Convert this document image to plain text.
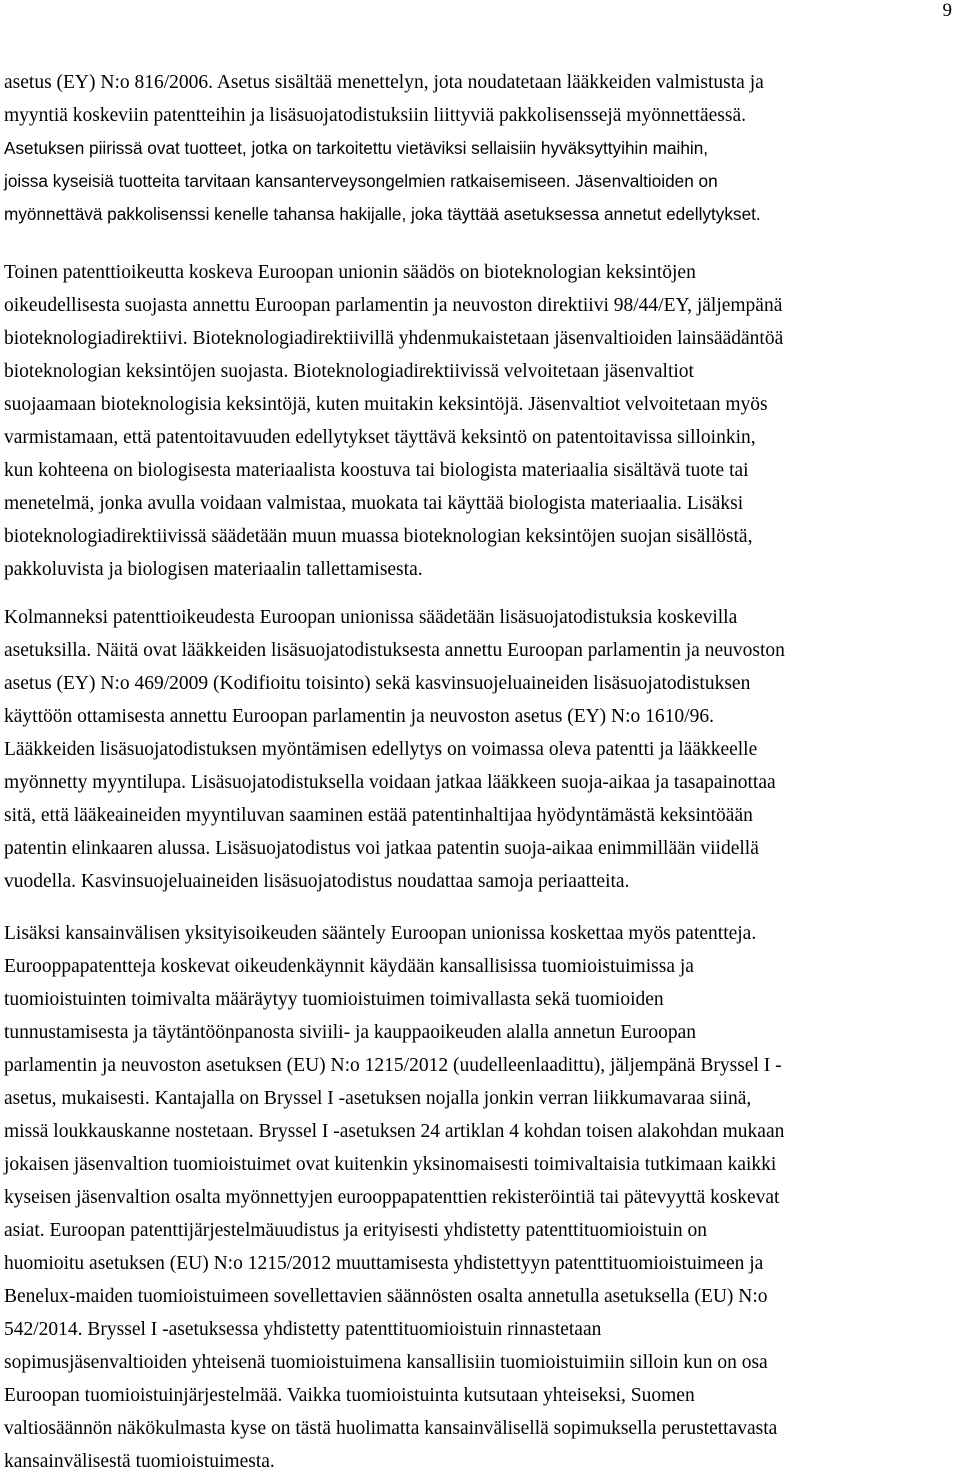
9
asetus (EY) N:o 816/2006. Asetus sisältää menettelyn, jota noudatetaan lääkkeiden valmistusta ja
myyntiä koskeviin patentteihin ja lisäsuojatodistuksiin liittyviä pakkolisenssejä myönnettäessä.
Asetuksen piirissä ovat tuotteet, jotka on tarkoitettu vietäviksi sellaisiin hyväksyttyihin maihin,
joissa kyseisiä tuotteita tarvitaan kansanterveysongelmien ratkaisemiseen. Jäsenvaltioiden on
myönnettävä pakkolisenssi kenelle tahansa hakijalle, joka täyttää asetuksessa annetut edellytykset.
Toinen patenttioikeutta koskeva Euroopan unionin säädös on bioteknologian keksintöjen
oikeudellisesta suojasta annettu Euroopan parlamentin ja neuvoston direktiivi 98/44/EY, jäljempänä
bioteknologiadirektiivi. Bioteknologiadirektiivillä yhdenmukaistetaan jäsenvaltioiden lainsäädäntöä
bioteknologian keksintöjen suojasta. Bioteknologiadirektiivissä velvoitetaan jäsenvaltiot
suojaamaan bioteknologisia keksintöjä, kuten muitakin keksintöjä. Jäsenvaltiot velvoitetaan myös
varmistamaan, että patentoitavuuden edellytykset täyttävä keksintö on patentoitavissa silloinkin,
kun kohteena on biologisesta materiaalista koostuva tai biologista materiaalia sisältävä tuote tai
menetelmä, jonka avulla voidaan valmistaa, muokata tai käyttää biologista materiaalia. Lisäksi
bioteknologiadirektiivissä säädetään muun muassa bioteknologian keksintöjen suojan sisällöstä,
pakkoluvista ja biologisen materiaalin tallettamisesta.
Kolmanneksi patenttioikeudesta Euroopan unionissa säädetään lisäsuojatodistuksia koskevilla
asetuksilla. Näitä ovat lääkkeiden lisäsuojatodistuksesta annettu Euroopan parlamentin ja neuvoston
asetus (EY) N:o 469/2009 (Kodifioitu toisinto) sekä kasvinsuojeluaineiden lisäsuojatodistuksen
käyttöön ottamisesta annettu Euroopan parlamentin ja neuvoston asetus (EY) N:o 1610/96.
Lääkkeiden lisäsuojatodistuksen myöntämisen edellytys on voimassa oleva patentti ja lääkkeelle
myönnetty myyntilupa. Lisäsuojatodistuksella voidaan jatkaa lääkkeen suoja-aikaa ja tasapainottaa
sitä, että lääkeaineiden myyntiluvan saaminen estää patentinhaltijaa hyödyntämästä keksintöään
patentin elinkaaren alussa. Lisäsuojatodistus voi jatkaa patentin suoja-aikaa enimmillään viidellä
vuodella. Kasvinsuojeluaineiden lisäsuojatodistus noudattaa samoja periaatteita.
Lisäksi kansainvälisen yksityisoikeuden sääntely Euroopan unionissa koskettaa myös patentteja.
Eurooppapatentteja koskevat oikeudenkäynnit käydään kansallisissa tuomioistuimissa ja
tuomioistuinten toimivalta määräytyy tuomioistuimen toimivallasta sekä tuomioiden
tunnustamisesta ja täytäntöönpanosta siviili- ja kauppaoikeuden alalla annetun Euroopan
parlamentin ja neuvoston asetuksen (EU) N:o 1215/2012 (uudelleenlaadittu), jäljempänä Bryssel I -
asetus, mukaisesti. Kantajalla on Bryssel I -asetuksen nojalla jonkin verran liikkumavaraa siinä,
missä loukkauskanne nostetaan. Bryssel I -asetuksen 24 artiklan 4 kohdan toisen alakohdan mukaan
jokaisen jäsenvaltion tuomioistuimet ovat kuitenkin yksinomaisesti toimivaltaisia tutkimaan kaikki
kyseisen jäsenvaltion osalta myönnettyjen eurooppapatenttien rekisteröintiä tai pätevyyttä koskevat
asiat. Euroopan patenttijärjestelmäuudistus ja erityisesti yhdistetty patenttituomioistuin on
huomioitu asetuksen (EU) N:o 1215/2012 muuttamisesta yhdistettyyn patenttituomioistuimeen ja
Benelux-maiden tuomioistuimeen sovellettavien säännösten osalta annetulla asetuksella (EU) N:o
542/2014. Bryssel I -asetuksessa yhdistetty patenttituomioistuin rinnastetaan
sopimusjäsenvaltioiden yhteisenä tuomioistuimena kansallisiin tuomioistuimiin silloin kun on osa
Euroopan tuomioistuinjärjestelmää. Vaikka tuomioistuinta kutsutaan yhteiseksi, Suomen
valtiosäännön näkökulmasta kyse on tästä huolimatta kansainvälisellä sopimuksella perustettavasta
kansainvälisestä tuomioistuimesta.
